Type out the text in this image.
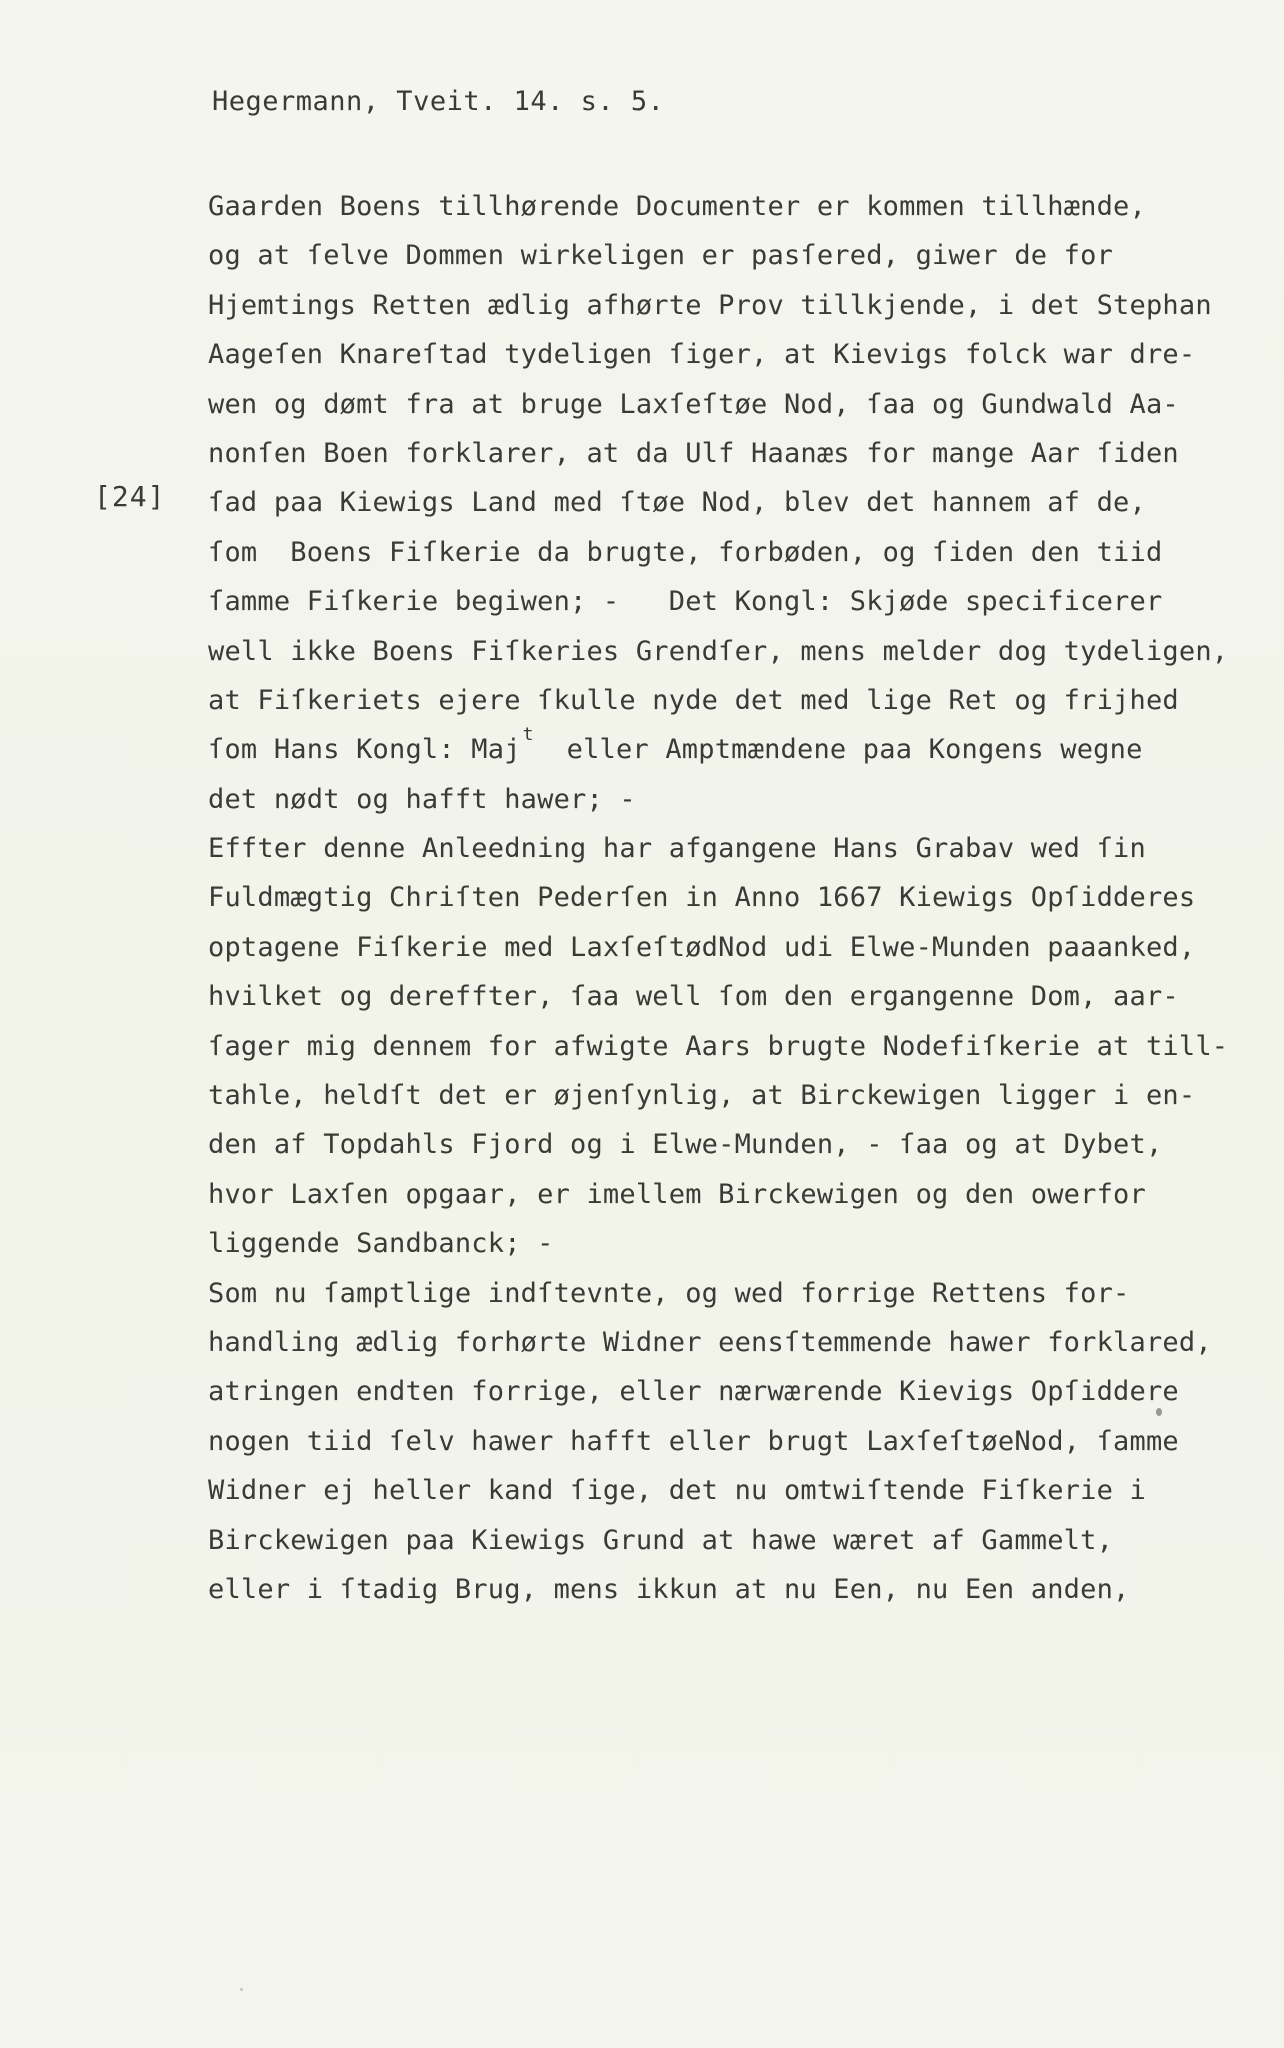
Hegermann, Tveit. 14. s. 5.
[24]
Gaarden Boens tillhørende Documenter er kommen tillhænde,
og at ſelve Dommen wirkeligen er pasſered, giwer de for
Hjemtings Retten ædlig afhørte Prov tillkjende, i det Stephan
Aageſen Knareſtad tydeligen ſiger, at Kievigs folck war dre-
wen og dømt fra at bruge Laxſeſtøe Nod, ſaa og Gundwald Aa-
nonſen Boen forklarer, at da Ulf Haanæs for mange Aar ſiden
ſad paa Kiewigs Land med ſtøe Nod, blev det hannem af de,
ſom  Boens Fiſkerie da brugte, forbøden, og ſiden den tiid
ſamme Fiſkerie begiwen; -   Det Kongl: Skjøde specificerer
well ikke Boens Fiſkeries Grendſer, mens melder dog tydeligen,
at Fiſkeriets ejere ſkulle nyde det med lige Ret og frijhed
ſom Hans Kongl: Maj $^t$  eller Amptmændene paa Kongens wegne
det nødt og hafft hawer; -
Effter denne Anleedning har afgangene Hans Grabav wed ſin
Fuldmægtig Chriſten Pederſen in Anno 1667 Kiewigs Opſidderes
optagene Fiſkerie med LaxſeſtødNod udi Elwe-Munden paaanked,
hvilket og dereffter, ſaa well ſom den ergangenne Dom, aar-
ſager mig dennem for afwigte Aars brugte Nodefiſkerie at till-
tahle, heldſt det er øjenſynlig, at Birckewigen ligger i en-
den af Topdahls Fjord og i Elwe-Munden, - ſaa og at Dybet,
hvor Laxſen opgaar, er imellem Birckewigen og den owerfor
liggende Sandbanck; -
Som nu ſamptlige indſtevnte, og wed forrige Rettens for-
handling ædlig forhørte Widner eensſtemmende hawer forklared,
atringen endten forrige, eller nærwærende Kievigs Opſiddere
nogen tiid ſelv hawer hafft eller brugt LaxſeſtøeNod, ſamme
Widner ej heller kand ſige, det nu omtwiſtende Fiſkerie i
Birckewigen paa Kiewigs Grund at hawe wæret af Gammelt,
eller i ſtadig Brug, mens ikkun at nu Een, nu Een anden,
